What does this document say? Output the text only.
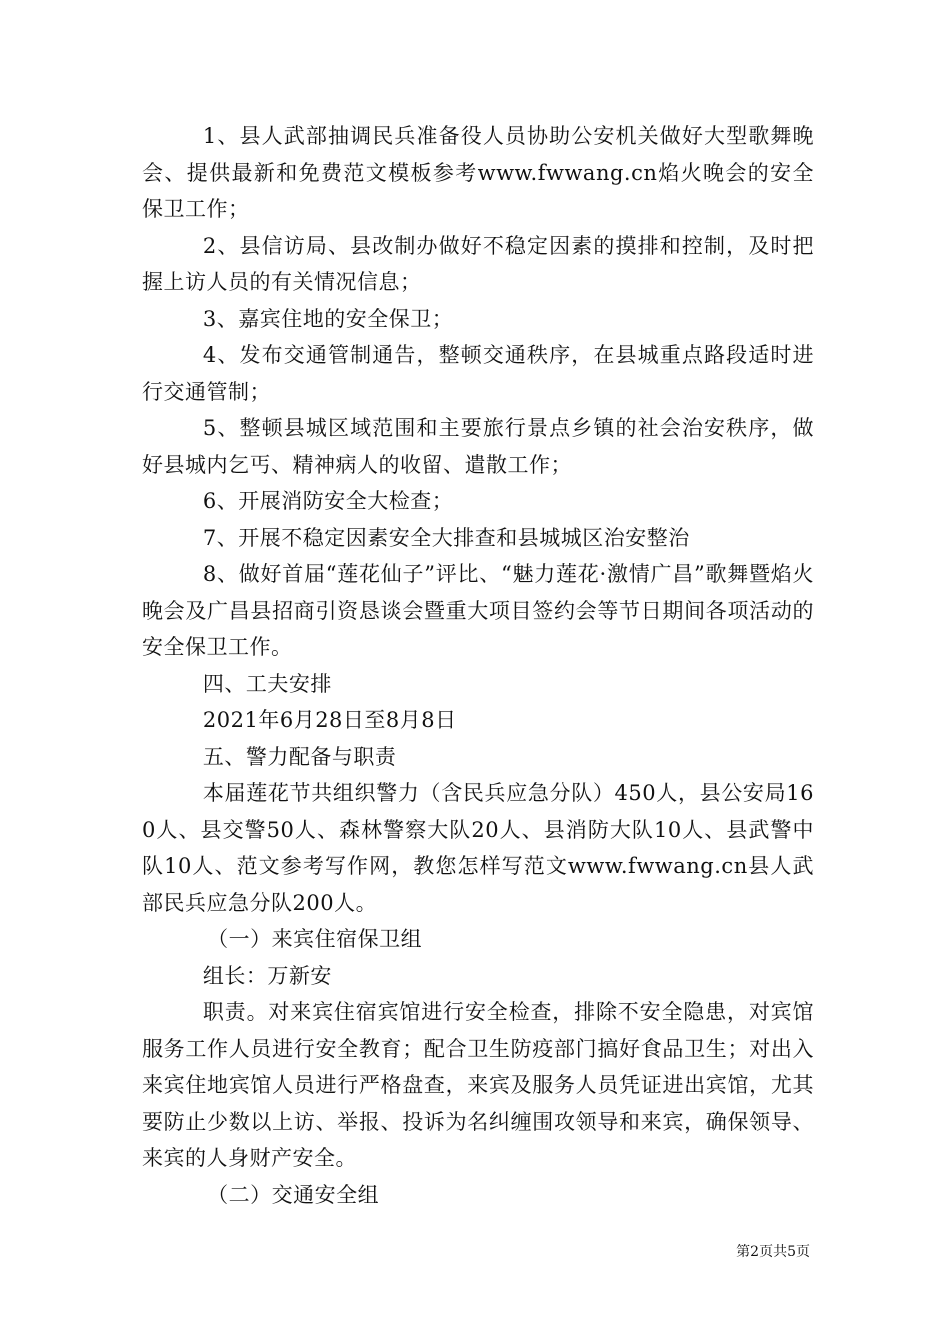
1、县人武部抽调民兵准备役人员协助公安机关做好大型歌舞晚会、提供最新和免费范文模板参考www.fwwang.cn焰火晚会的安全保卫工作；

2、县信访局、县改制办做好不稳定因素的摸排和控制，及时把握上访人员的有关情况信息；

3、嘉宾住地的安全保卫；

4、发布交通管制通告，整顿交通秩序，在县城重点路段适时进行交通管制；

5、整顿县城区域范围和主要旅行景点乡镇的社会治安秩序，做好县城内乞丐、精神病人的收留、遣散工作；

6、开展消防安全大检查；

7、开展不稳定因素安全大排查和县城城区治安整治

8、做好首届“莲花仙子”评比、“魅力莲花·激情广昌”歌舞暨焰火晚会及广昌县招商引资恳谈会暨重大项目签约会等节日期间各项活动的安全保卫工作。

四、工夫安排

2021年6月28日至8月8日

五、警力配备与职责

本届莲花节共组织警力（含民兵应急分队）450人，县公安局160人、县交警50人、森林警察大队20人、县消防大队10人、县武警中队10人、范文参考写作网，教您怎样写范文www.fwwang.cn县人武部民兵应急分队200人。

（一）来宾住宿保卫组

组长：万新安

职责。对来宾住宿宾馆进行安全检查，排除不安全隐患，对宾馆服务工作人员进行安全教育；配合卫生防疫部门搞好食品卫生；对出入来宾住地宾馆人员进行严格盘查，来宾及服务人员凭证进出宾馆，尤其要防止少数以上访、举报、投诉为名纠缠围攻领导和来宾，确保领导、来宾的人身财产安全。

（二）交通安全组

第2页共5页
